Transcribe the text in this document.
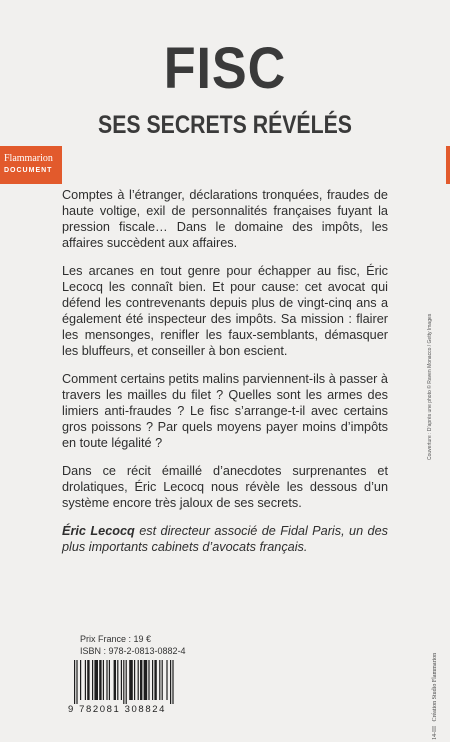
FISC
SES SECRETS RÉVÉLÉS
Flammarion
DOCUMENT

Comptes à l’étranger, déclarations tronquées, fraudes de haute voltige, exil de personnalités françaises fuyant la pression fiscale… Dans le domaine des impôts, les affaires succèdent aux affaires.

Les arcanes en tout genre pour échapper au fisc, Éric Lecocq les connaît bien. Et pour cause: cet avocat qui défend les contrevenants depuis plus de vingt-cinq ans a également été inspecteur des impôts. Sa mission : flairer les mensonges, renifler les faux-semblants, démasquer les bluffeurs, et conseiller à bon escient.

Comment certains petits malins parviennent-ils à passer à travers les mailles du filet ? Quelles sont les armes des limiers anti-fraudes ? Le fisc s’arrange-t-il avec certains gros poissons ? Par quels moyens payer moins d’impôts en toute légalité ?

Dans ce récit émaillé d’anecdotes surprenantes et drolatiques, Éric Lecocq nous révèle les dessous d’un système encore très jaloux de ses secrets.

Éric Lecocq est directeur associé de Fidal Paris, un des plus importants cabinets d’avocats français.

Couverture : D’après une photo © Raven Monacco / Getty Images
14-III   Création Studio Flammarion
Prix France : 19 €
ISBN : 978-2-0813-0882-4
9 782081 308824
